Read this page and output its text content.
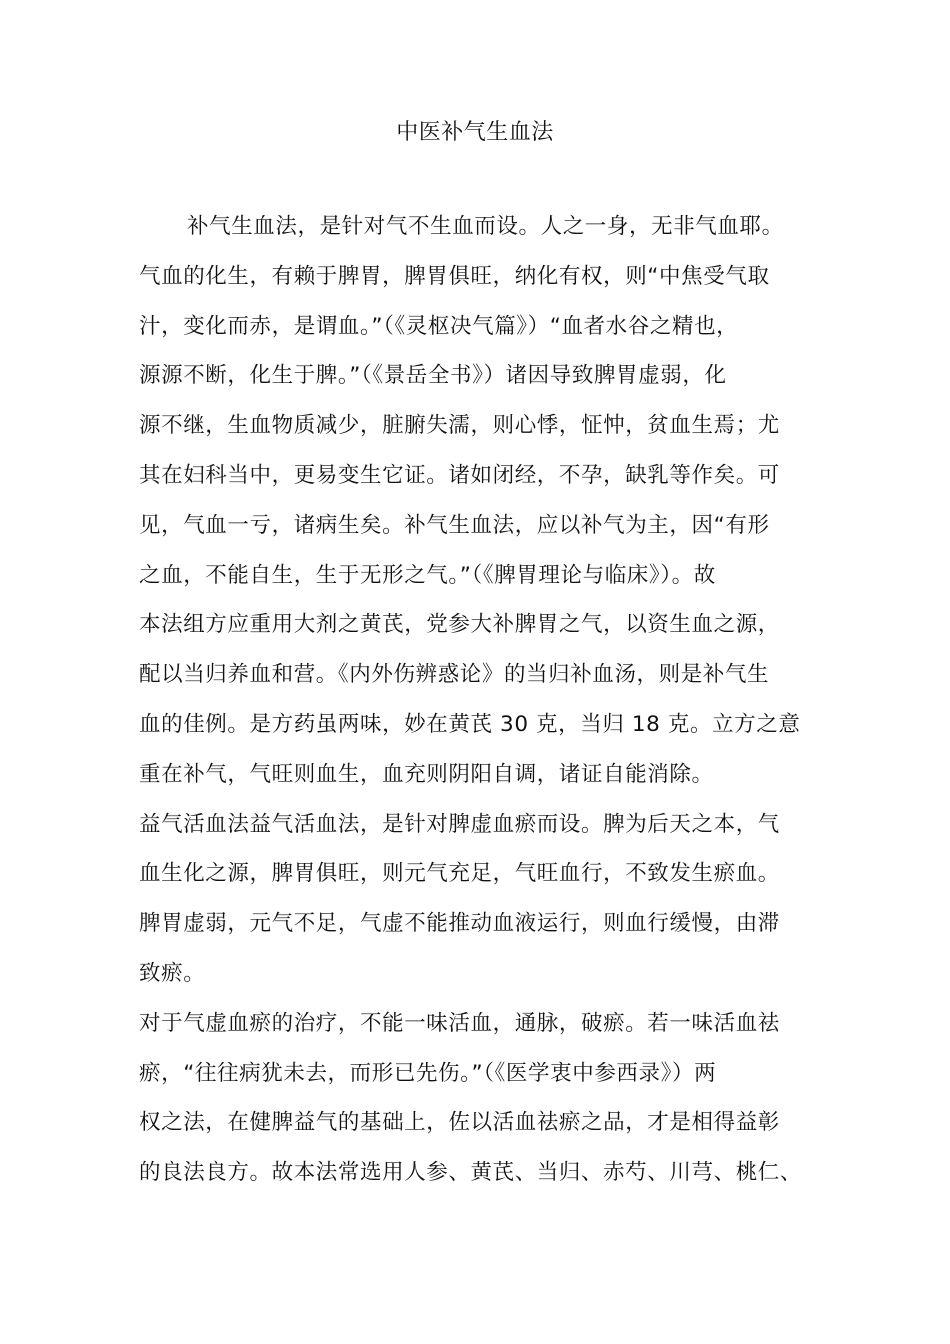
中医补气生血法
补气生血法，是针对气不生血而设。人之一身，无非气血耶。
气血的化生，有赖于脾胃，脾胃俱旺，纳化有权，则“中焦受气取
汁，变化而赤，是谓血。”（《灵枢决气篇》）“血者水谷之精也，
源源不断，化生于脾。”（《景岳全书》）诸因导致脾胃虚弱，化
源不继，生血物质减少，脏腑失濡，则心悸，怔忡，贫血生焉；尤
其在妇科当中，更易变生它证。诸如闭经，不孕，缺乳等作矣。可
见，气血一亏，诸病生矣。补气生血法，应以补气为主，因“有形
之血，不能自生，生于无形之气。”（《脾胃理论与临床》）。故
本法组方应重用大剂之黄芪，党参大补脾胃之气，以资生血之源，
配以当归养血和营。《内外伤辨惑论》的当归补血汤，则是补气生
血的佳例。是方药虽两味，妙在黄芪 30 克，当归 18 克。立方之意
重在补气，气旺则血生，血充则阴阳自调，诸证自能消除。
益气活血法益气活血法，是针对脾虚血瘀而设。脾为后天之本，气
血生化之源，脾胃俱旺，则元气充足，气旺血行，不致发生瘀血。
脾胃虚弱，元气不足，气虚不能推动血液运行，则血行缓慢，由滞
致瘀。
对于气虚血瘀的治疗，不能一味活血，通脉，破瘀。若一味活血祛
瘀，“往往病犹未去，而形已先伤。”（《医学衷中参西录》）两
权之法，在健脾益气的基础上，佐以活血祛瘀之品，才是相得益彰
的良法良方。故本法常选用人参、黄芪、当归、赤芍、川芎、桃仁、
